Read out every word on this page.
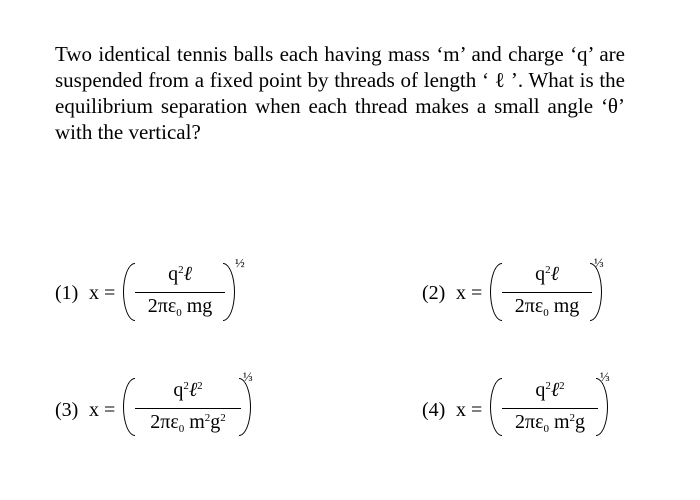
Two identical tennis balls each having mass ‘m’ and charge ‘q’ are suspended from a fixed point by threads of length ‘ ℓ ’. What is the equilibrium separation when each thread makes a small angle ‘θ’ with the vertical?

(1) x =
$q^2\ell$
$2\pi\varepsilon_0$ mg
½
(2) x =
$q^2\ell$
$2\pi\varepsilon_0$ mg
⅓
(3) x =
$q^2\ell^2$
$2\pi\varepsilon_0$ $m^2g^2$
⅓
(4) x =
$q^2\ell^2$
$2\pi\varepsilon_0$ $m^2g$
⅓
